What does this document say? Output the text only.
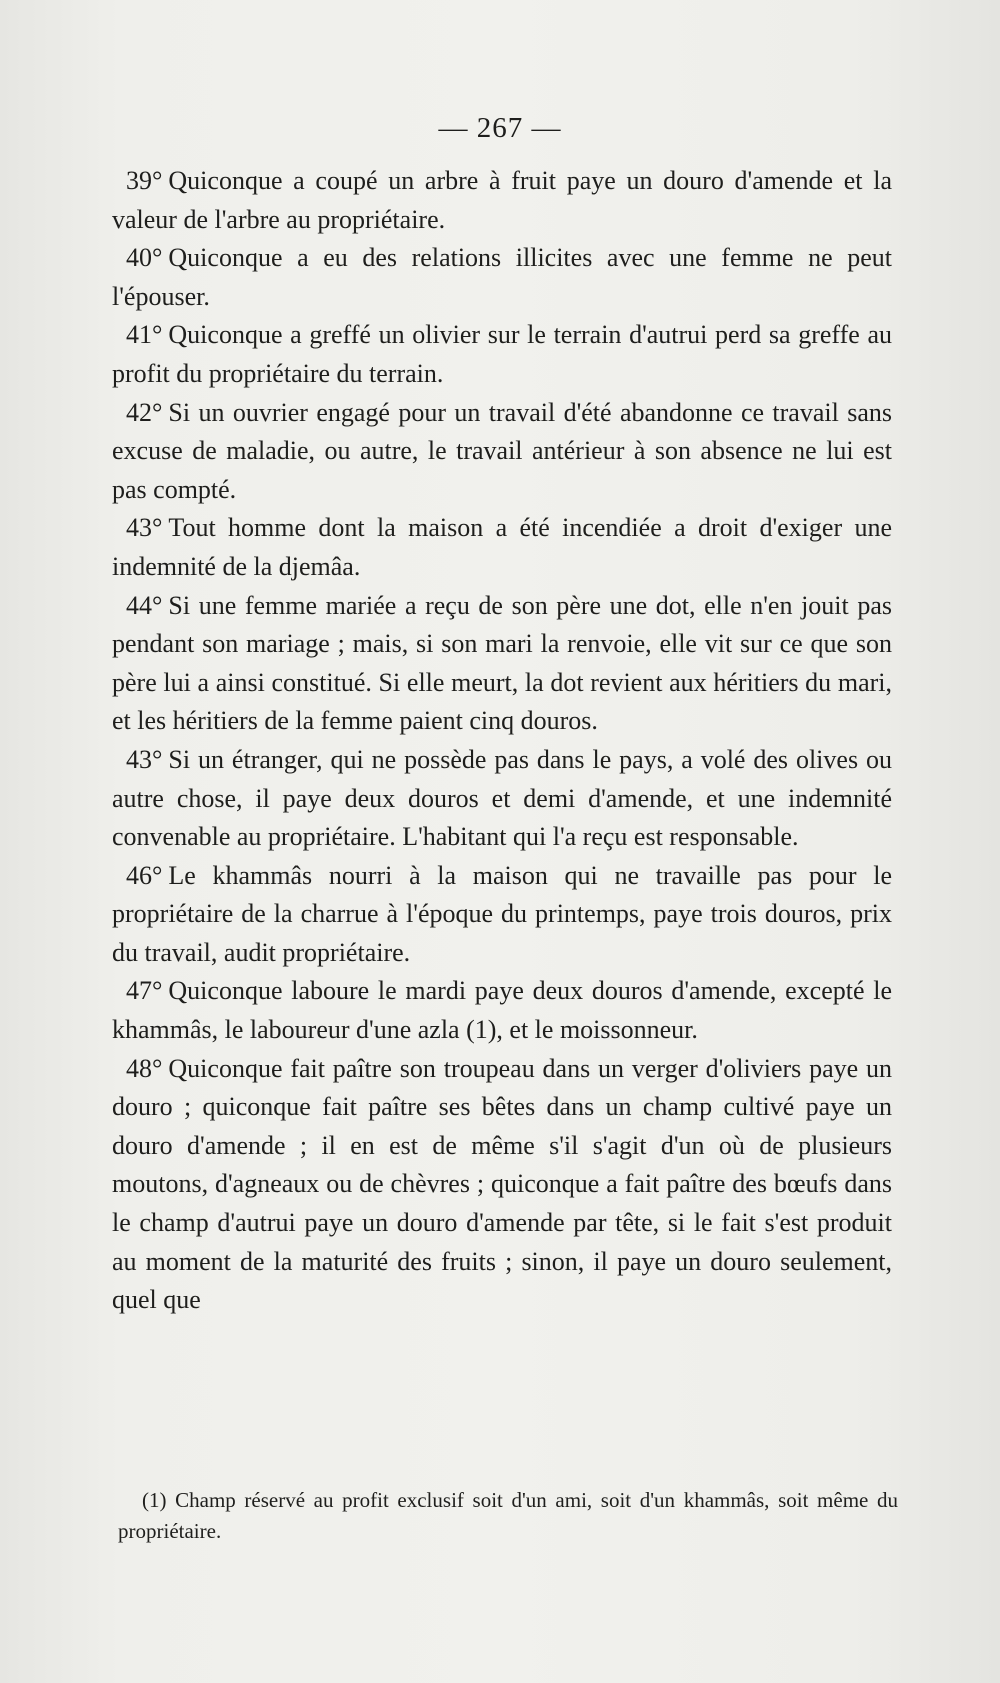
— 267 —

39° Quiconque a coupé un arbre à fruit paye un douro d'amende et la valeur de l'arbre au propriétaire.

40° Quiconque a eu des relations illicites avec une femme ne peut l'épouser.

41° Quiconque a greffé un olivier sur le terrain d'autrui perd sa greffe au profit du propriétaire du terrain.

42° Si un ouvrier engagé pour un travail d'été abandonne ce travail sans excuse de maladie, ou autre, le travail antérieur à son absence ne lui est pas compté.

43° Tout homme dont la maison a été incendiée a droit d'exiger une indemnité de la djemâa.

44° Si une femme mariée a reçu de son père une dot, elle n'en jouit pas pendant son mariage ; mais, si son mari la renvoie, elle vit sur ce que son père lui a ainsi constitué. Si elle meurt, la dot revient aux héritiers du mari, et les héritiers de la femme paient cinq douros.

43° Si un étranger, qui ne possède pas dans le pays, a volé des olives ou autre chose, il paye deux douros et demi d'amende, et une indemnité convenable au propriétaire. L'habitant qui l'a reçu est responsable.

46° Le khammâs nourri à la maison qui ne travaille pas pour le propriétaire de la charrue à l'époque du printemps, paye trois douros, prix du travail, audit propriétaire.

47° Quiconque laboure le mardi paye deux douros d'amende, excepté le khammâs, le laboureur d'une azla (1), et le moissonneur.

48° Quiconque fait paître son troupeau dans un verger d'oliviers paye un douro ; quiconque fait paître ses bêtes dans un champ cultivé paye un douro d'amende ; il en est de même s'il s'agit d'un où de plusieurs moutons, d'agneaux ou de chèvres ; quiconque a fait paître des bœufs dans le champ d'autrui paye un douro d'amende par tête, si le fait s'est produit au moment de la maturité des fruits ; sinon, il paye un douro seulement, quel que

(1) Champ réservé au profit exclusif soit d'un ami, soit d'un khammâs, soit même du propriétaire.
